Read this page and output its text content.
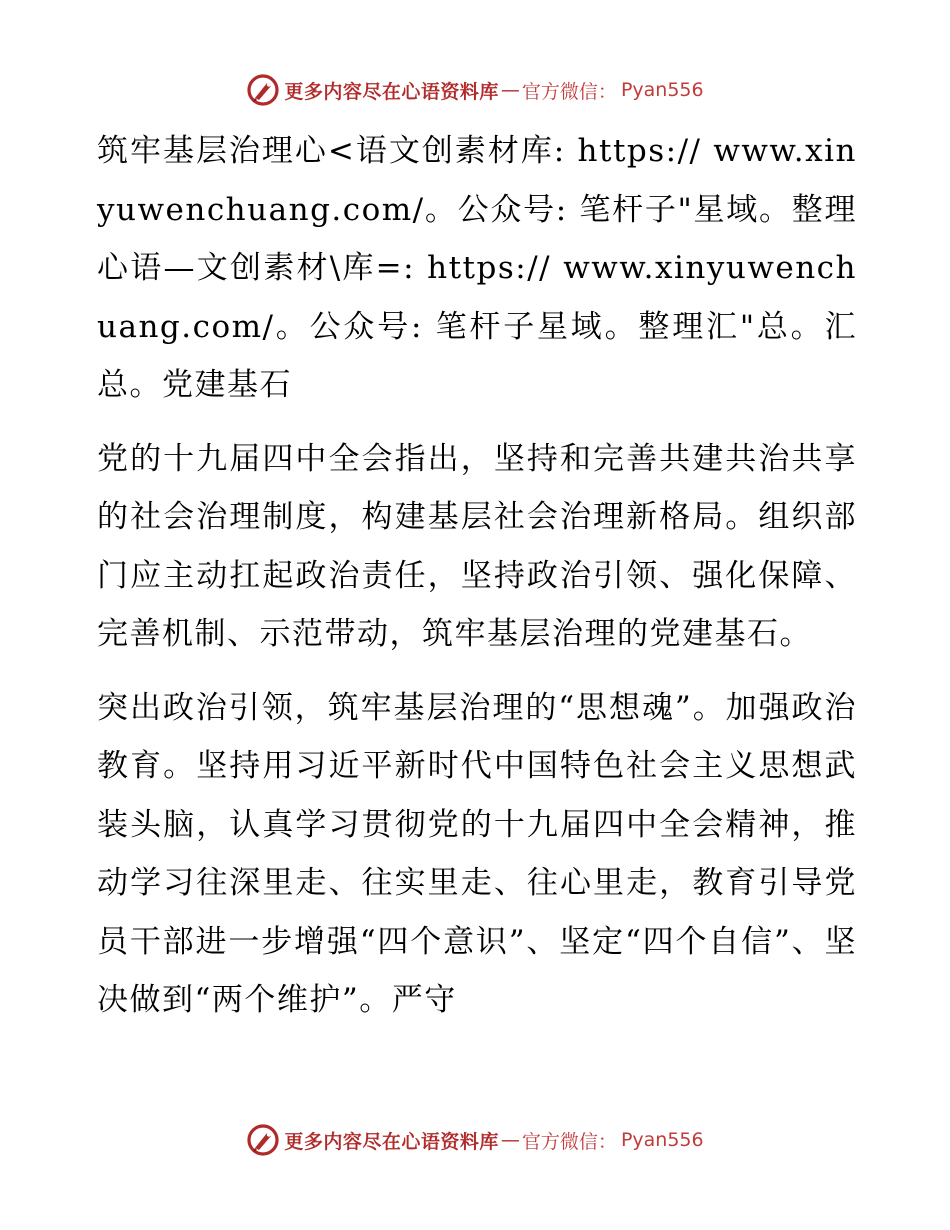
更多内容尽在心语资料库 — 官方微信： Pyan556

筑牢基层治理心<语文创素材库: https:// www.xinyuwenchuang.com/。公众号: 笔杆子"星域。整理心语—文创素材\库=: https:// www.xinyuwenchuang.com/。公众号: 笔杆子星域。整理汇"总。汇总。党建基石

党的十九届四中全会指出，坚持和完善共建共治共享的社会治理制度，构建基层社会治理新格局。组织部门应主动扛起政治责任，坚持政治引领、强化保障、完善机制、示范带动，筑牢基层治理的党建基石。

突出政治引领，筑牢基层治理的“思想魂”。加强政治教育。坚持用习近平新时代中国特色社会主义思想武装头脑，认真学习贯彻党的十九届四中全会精神，推动学习往深里走、往实里走、往心里走，教育引导党员干部进一步增强“四个意识”、坚定“四个自信”、坚决做到“两个维护”。严守

更多内容尽在心语资料库 — 官方微信： Pyan556
